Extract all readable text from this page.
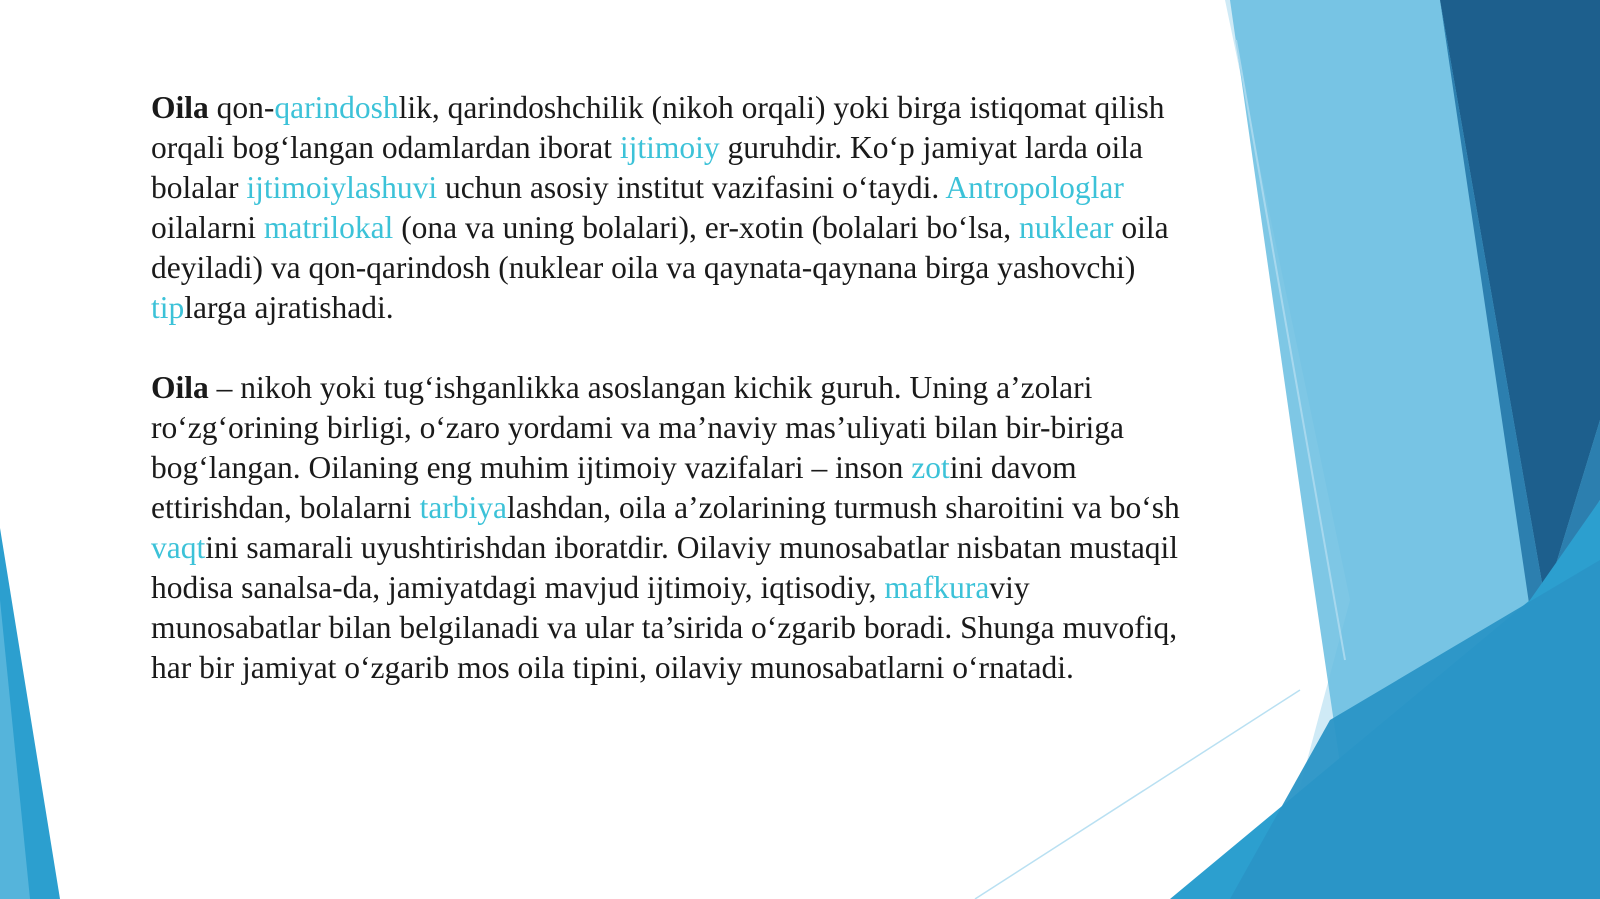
Oila qon-qarindoshlik, qarindoshchilik (nikoh orqali) yoki birga istiqomat qilish orqali bog‘langan odamlardan iborat ijtimoiy guruhdir. Ko‘p jamiyat larda oila bolalar ijtimoiylashuvi uchun asosiy institut vazifasini o‘taydi. Antropologlar oilalarni matrilokal (ona va uning bolalari), er-xotin (bolalari bo‘lsa, nuklear oila deyiladi) va qon-qarindosh (nuklear oila va qaynata-qaynana birga yashovchi) tiplarga ajratishadi.

Oila – nikoh yoki tug‘ishganlikka asoslangan kichik guruh. Uning a’zolari ro‘zg‘orining birligi, o‘zaro yordami va ma’naviy mas’uliyati bilan bir-biriga bog‘langan. Oilaning eng muhim ijtimoiy vazifalari – inson zotini davom ettirishdan, bolalarni tarbiyalashdan, oila a’zolarining turmush sharoitini va bo‘sh vaqtini samarali uyushtirishdan iboratdir. Oilaviy munosabatlar nisbatan mustaqil hodisa sanalsa-da, jamiyatdagi mavjud ijtimoiy, iqtisodiy, mafkuraviy munosabatlar bilan belgilanadi va ular ta’sirida o‘zgarib boradi. Shunga muvofiq, har bir jamiyat o‘zgarib mos oila tipini, oilaviy munosabatlarni o‘rnatadi.
